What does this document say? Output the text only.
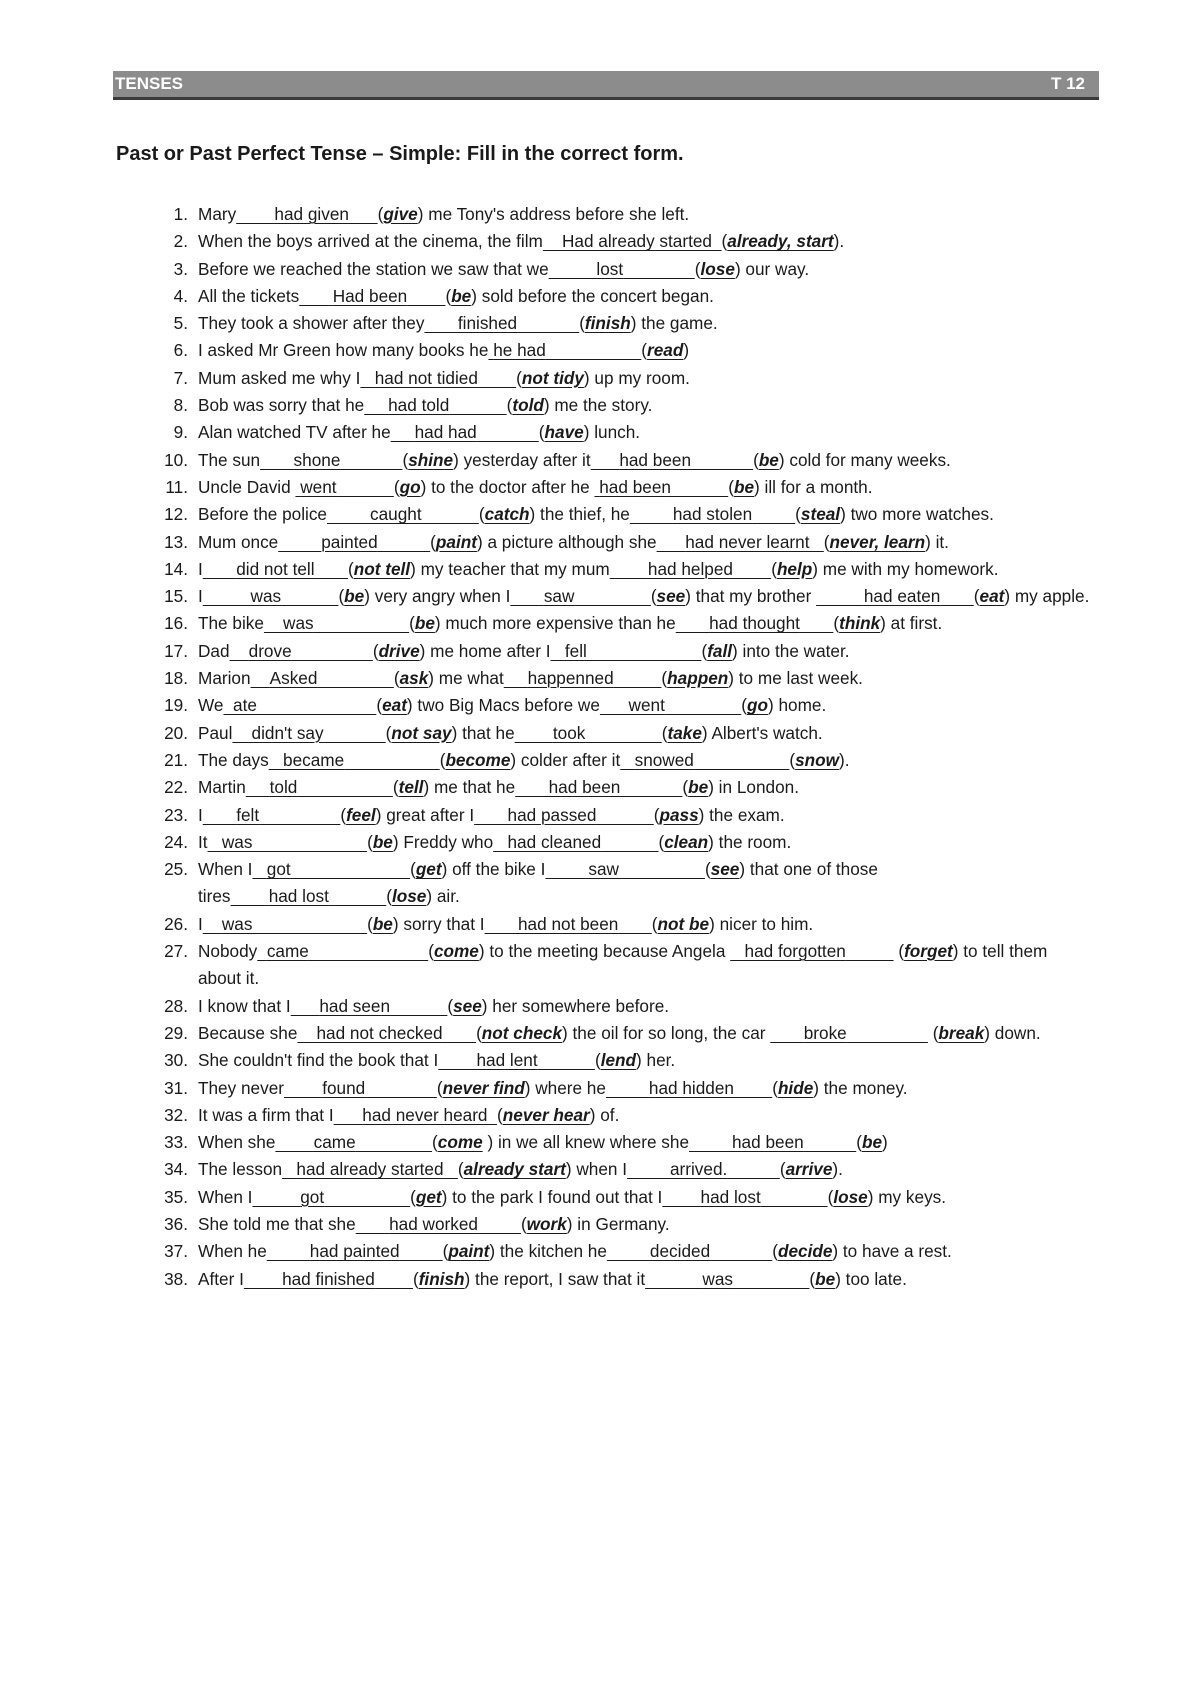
TENSES	T 12
Past or Past Perfect Tense – Simple: Fill in the correct form.
1. Mary had given (give) me Tony's address before she left.
2. When the boys arrived at the cinema, the film Had already started (already, start).
3. Before we reached the station we saw that we	lost	(lose) our way.
4. All the tickets Had been (be) sold before the concert began.
5. They took a shower after they finished	(finish) the game.
6. I asked Mr Green how many books he he had	(read)
7. Mum asked me why I had not tidied (not tidy) up my room.
8. Bob was sorry that he had told	(told) me the story.
9. Alan watched TV after he had had	(have) lunch.
10. The sun shone	(shine) yesterday after it had been	(be) cold for many weeks.
11. Uncle David  went	(go) to the doctor after he  had been	(be) ill for a month.
12. Before the police caught	(catch) the thief, he had stolen (steal) two more watches.
13. Mum once painted	(paint) a picture although she had never learnt (never, learn) it.
14. I did not tell (not tell) my teacher that my mum had helped (help) me with my homework.
15. I	was	(be) very angry when I saw	(see) that my brother	had eaten (eat) my apple.
16. The bike was	(be) much more expensive than he had thought (think) at first.
17. Dad drove	(drive) me home after I fell	(fall) into the water.
18. Marion Asked	(ask) me what happenned	(happen) to me last week.
19. We ate	(eat) two Big Macs before we went	(go) home.
20. Paul didn't say	(not say) that he took	(take) Albert's watch.
21. The days became	(become) colder after it snowed	(snow).
22. Martin told	(tell) me that he had been	(be) in London.
23. I felt	(feel) great after I had passed	(pass) the exam.
24. It was	(be) Freddy who had cleaned	(clean) the room.
25. When I got	(get) off the bike I saw	(see) that one of those tires had lost	(lose) air.
26. I was	(be) sorry that I had not been (not be) nicer to him.
27. Nobody came	(come) to the meeting because Angela    had forgotten	(forget) to tell them about it.
28. I know that I had seen	(see) her somewhere before.
29. Because she had not checked (not check) the oil for so long, the car        broke	(break) down.
30. She couldn't find the book that I had lent	(lend) her.
31. They never found	(never find) where he had hidden (hide) the money.
32. It was a firm that I had never heard (never hear) of.
33. When she came	(come ) in we all knew where she had been	(be)
34. The lesson had already started (already start) when I arrived.	(arrive).
35. When I	got	(get) to the park I found out that I had lost	(lose) my keys.
36. She told me that she had worked (work) in Germany.
37. When he had painted (paint) the kitchen he decided	(decide) to have a rest.
38. After I had finished (finish) the report, I saw that it	was	(be) too late.
